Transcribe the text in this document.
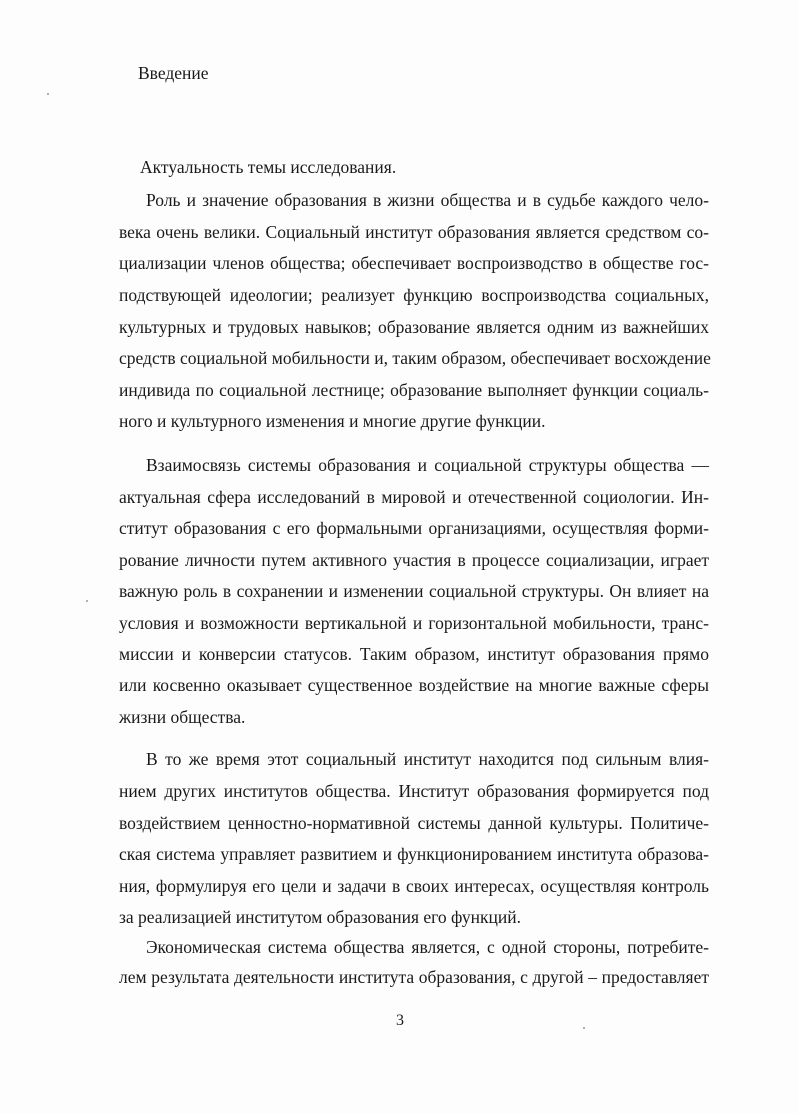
Введение
Актуальность темы исследования.

Роль и значение образования в жизни общества и в судьбе каждого чело-

века очень велики. Социальный институт образования является средством со-

циализации членов общества; обеспечивает воспроизводство в обществе гос-

подствующей идеологии; реализует функцию воспроизводства социальных,

культурных и трудовых навыков; образование является одним из важнейших

средств социальной мобильности и, таким образом, обеспечивает восхождение

индивида по социальной лестнице; образование выполняет функции социаль-

ного и культурного изменения и многие другие функции.

Взаимосвязь системы образования и социальной структуры общества —

актуальная сфера исследований в мировой и отечественной социологии. Ин-

ститут образования с его формальными организациями, осуществляя форми-

рование личности путем активного участия в процессе социализации, играет

важную роль в сохранении и изменении социальной структуры. Он влияет на

условия и возможности вертикальной и горизонтальной мобильности, транс-

миссии и конверсии статусов. Таким образом, институт образования прямо

или косвенно оказывает существенное воздействие на многие важные сферы

жизни общества.

В то же время этот социальный институт находится под сильным влия-

нием других институтов общества. Институт образования формируется под

воздействием ценностно-нормативной системы данной культуры. Политиче-

ская система управляет развитием и функционированием института образова-

ния, формулируя его цели и задачи в своих интересах, осуществляя контроль

за реализацией институтом образования его функций.

Экономическая система общества является, с одной стороны, потребите-

лем результата деятельности института образования, с другой – предоставляет

3
